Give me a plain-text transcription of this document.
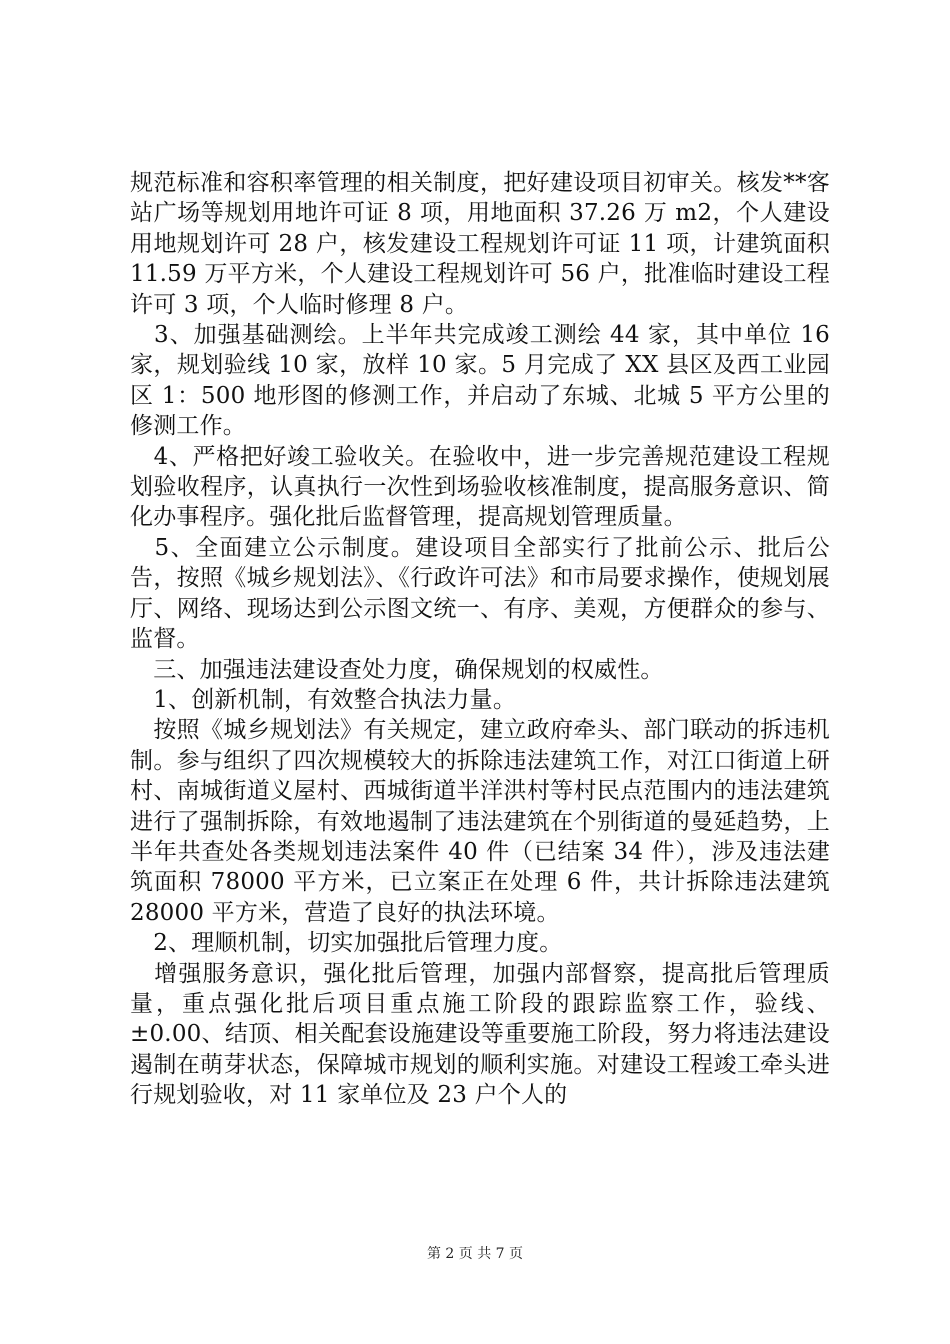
规范标准和容积率管理的相关制度，把好建设项目初审关。核发**客站广场等规划用地许可证 8 项，用地面积 37.26 万 m2，个人建设用地规划许可 28 户，核发建设工程规划许可证 11 项，计建筑面积 11.59 万平方米，个人建设工程规划许可 56 户，批准临时建设工程许可 3 项，个人临时修理 8 户。

　3、加强基础测绘。上半年共完成竣工测绘 44 家，其中单位 16 家，规划验线 10 家，放样 10 家。5 月完成了 XX 县区及西工业园区 1：500 地形图的修测工作，并启动了东城、北城 5 平方公里的修测工作。

　4、严格把好竣工验收关。在验收中，进一步完善规范建设工程规划验收程序，认真执行一次性到场验收核准制度，提高服务意识、简化办事程序。强化批后监督管理，提高规划管理质量。

　5、全面建立公示制度。建设项目全部实行了批前公示、批后公告，按照《城乡规划法》、《行政许可法》和市局要求操作，使规划展厅、网络、现场达到公示图文统一、有序、美观，方便群众的参与、监督。

　三、加强违法建设查处力度，确保规划的权威性。

　1、创新机制，有效整合执法力量。

　按照《城乡规划法》有关规定，建立政府牵头、部门联动的拆违机制。参与组织了四次规模较大的拆除违法建筑工作，对江口街道上研村、南城街道义屋村、西城街道半洋洪村等村民点范围内的违法建筑进行了强制拆除，有效地遏制了违法建筑在个别街道的曼延趋势，上半年共查处各类规划违法案件 40 件（已结案 34 件），涉及违法建筑面积 78000 平方米，已立案正在处理 6 件，共计拆除违法建筑 28000 平方米，营造了良好的执法环境。

　2、理顺机制，切实加强批后管理力度。

　增强服务意识，强化批后管理，加强内部督察，提高批后管理质量，重点强化批后项目重点施工阶段的跟踪监察工作，验线、±0.00、结顶、相关配套设施建设等重要施工阶段，努力将违法建设遏制在萌芽状态，保障城市规划的顺利实施。对建设工程竣工牵头进行规划验收，对 11 家单位及 23 户个人的

第 2 页 共 7 页
